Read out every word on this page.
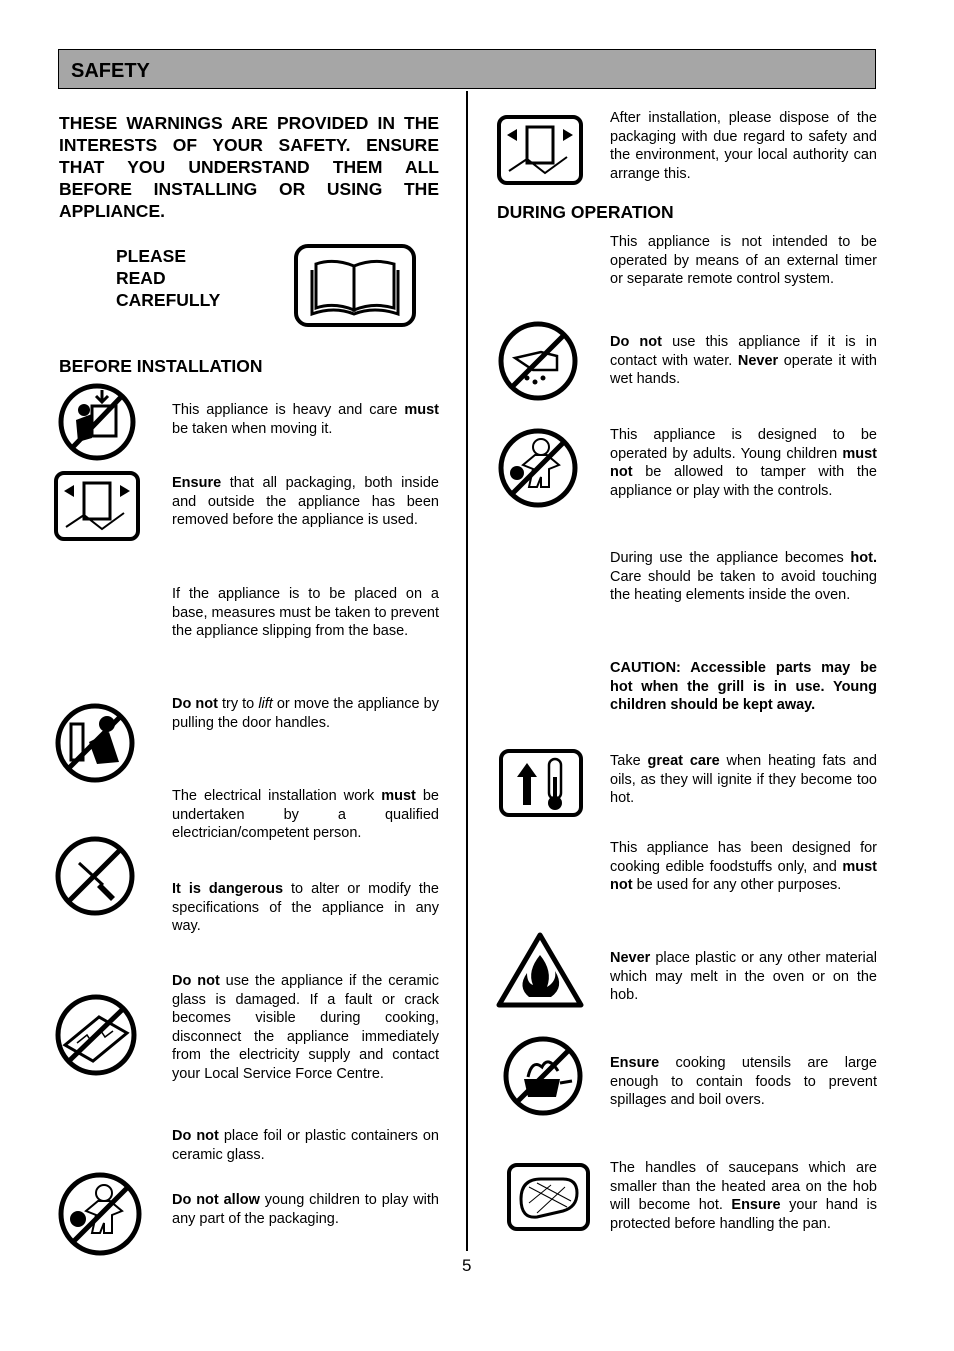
SAFETY
THESE WARNINGS ARE PROVIDED IN THE INTERESTS OF YOUR SAFETY. ENSURE THAT YOU UNDERSTAND THEM ALL BEFORE INSTALLING OR USING THE APPLIANCE.
PLEASE
READ
CAREFULLY
BEFORE INSTALLATION
This appliance is heavy and care must be taken when moving it.
Ensure that all packaging, both inside and outside the appliance has been removed before the appliance is used.
If the appliance is to be placed on a base, measures must be taken to prevent the appliance slipping from the base.
Do not try to lift or move the appliance by pulling the door handles.
The electrical installation work must be undertaken by a qualified electrician/competent person.
It is dangerous to alter or modify the specifications of the appliance in any way.
Do not use the appliance if the ceramic glass is damaged. If a fault or crack becomes visible during cooking, disconnect the appliance immediately from the electricity supply and contact your Local Service Force Centre.
Do not place foil or plastic containers on ceramic glass.
Do not allow young children to play with any part of the packaging.
After installation, please dispose of the packaging with due regard to safety and the environment, your local authority can arrange this.
DURING OPERATION
This appliance is not intended to be operated by means of an external timer or separate remote control system.
Do not use this appliance if it is in contact with water. Never operate it with wet hands.
This appliance is designed to be operated by adults. Young children must not be allowed to tamper with the appliance or play with the controls.
During use the appliance becomes hot. Care should be taken to avoid touching the heating elements inside the oven.
CAUTION: Accessible parts may be hot when the grill is in use. Young children should be kept away.
Take great care when heating fats and oils, as they will ignite if they become too hot.
This appliance has been designed for cooking edible foodstuffs only, and must not be used for any other purposes.
Never place plastic or any other material which may melt in the oven or on the hob.
Ensure cooking utensils are large enough to contain foods to prevent spillages and boil overs.
The handles of saucepans which are smaller than the heated area on the hob will become hot. Ensure your hand is protected before handling the pan.
5
